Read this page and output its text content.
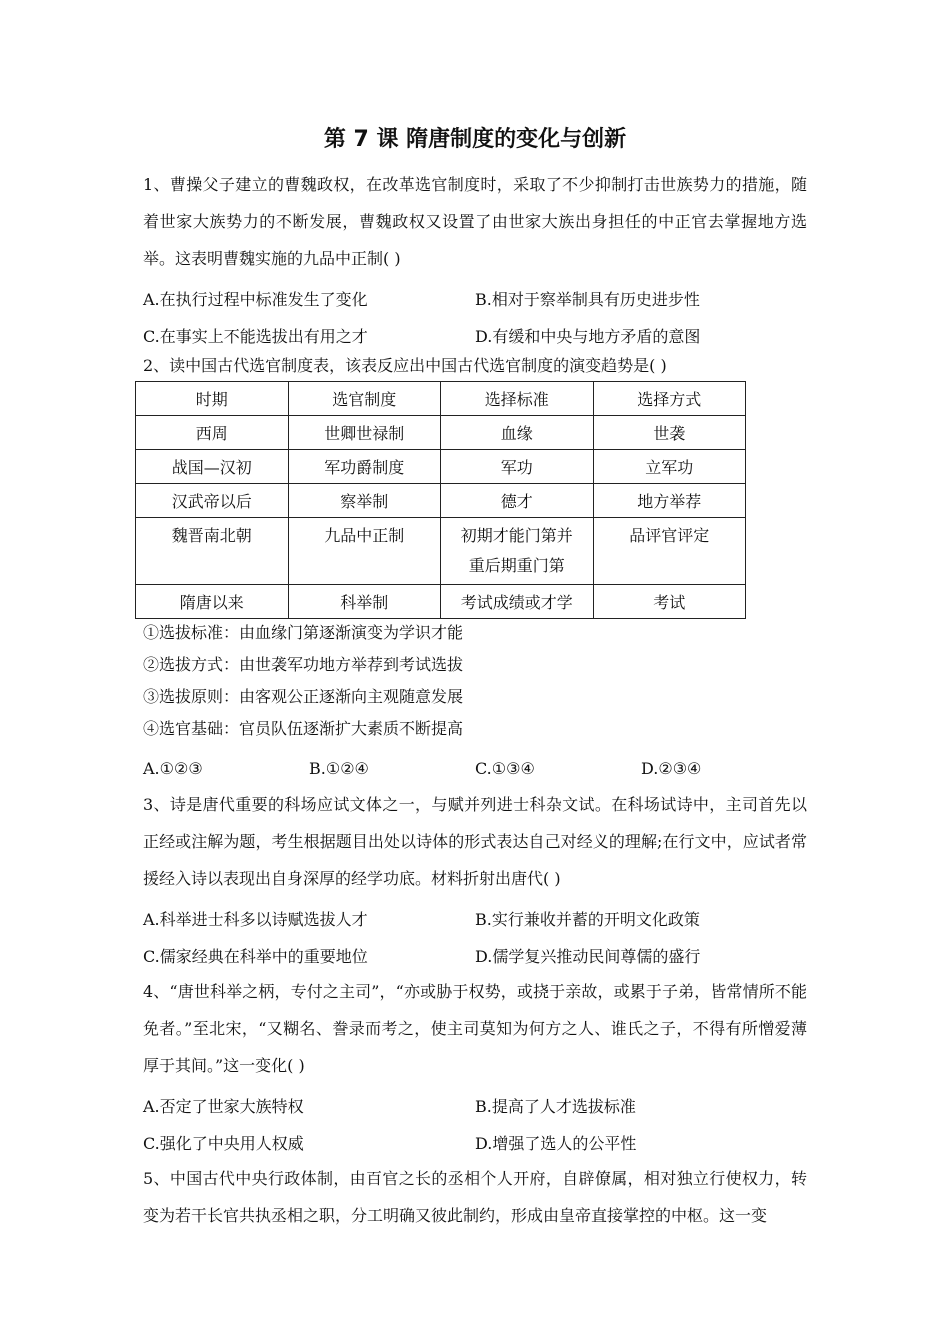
第 7 课 隋唐制度的变化与创新

1、曹操父子建立的曹魏政权，在改革选官制度时，采取了不少抑制打击世族势力的措施，随着世家大族势力的不断发展，曹魏政权又设置了由世家大族出身担任的中正官去掌握地方选举。这表明曹魏实施的九品中正制( )

A.在执行过程中标准发生了变化	B.相对于察举制具有历史进步性
C.在事实上不能选拔出有用之才	D.有缓和中央与地方矛盾的意图
2、读中国古代选官制度表，该表反应出中国古代选官制度的演变趋势是( )
时期	选官制度	选择标准	选择方式
西周	世卿世禄制	血缘	世袭
战国—汉初	军功爵制度	军功	立军功
汉武帝以后	察举制	德才	地方举荐
魏晋南北朝	九品中正制	初期才能门第并重后期重门第	品评官评定
隋唐以来	科举制	考试成绩或才学	考试
①选拔标准：由血缘门第逐渐演变为学识才能
②选拔方式：由世袭军功地方举荐到考试选拔
③选拔原则：由客观公正逐渐向主观随意发展
④选官基础：官员队伍逐渐扩大素质不断提高
A.①②③	B.①②④	C.①③④	D.②③④

3、诗是唐代重要的科场应试文体之一，与赋并列进士科杂文试。在科场试诗中，主司首先以正经或注解为题，考生根据题目出处以诗体的形式表达自己对经义的理解;在行文中，应试者常援经入诗以表现出自身深厚的经学功底。材料折射出唐代( )

A.科举进士科多以诗赋选拔人才	B.实行兼收并蓄的开明文化政策
C.儒家经典在科举中的重要地位	D.儒学复兴推动民间尊儒的盛行

4、“唐世科举之柄，专付之主司”，“亦或胁于权势，或挠于亲故，或累于子弟，皆常情所不能免者。”至北宋，“又糊名、誊录而考之，使主司莫知为何方之人、谁氏之子，不得有所憎爱薄厚于其间。”这一变化( )

A.否定了世家大族特权	B.提高了人才选拔标准
C.强化了中央用人权威	D.增强了选人的公平性

5、中国古代中央行政体制，由百官之长的丞相个人开府，自辟僚属，相对独立行使权力，转变为若干长官共执丞相之职，分工明确又彼此制约，形成由皇帝直接掌控的中枢。这一变
